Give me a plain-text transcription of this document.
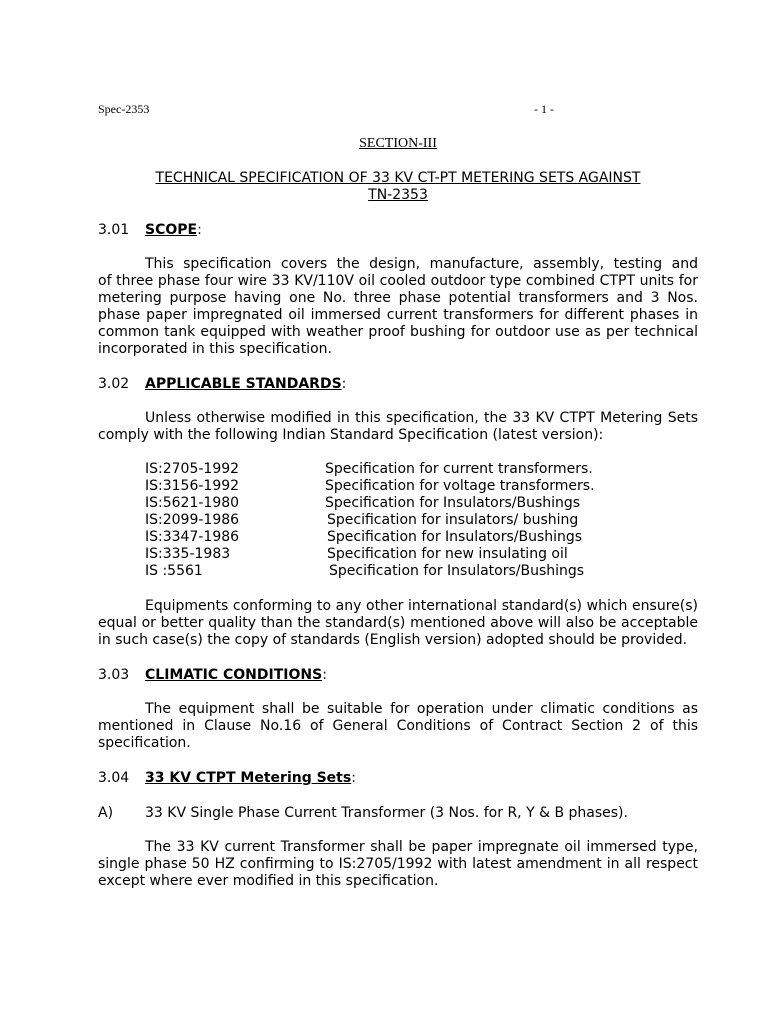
Spec-2353	- 1 -
SECTION-III
TECHNICAL SPECIFICATION OF 33 KV CT-PT METERING SETS AGAINST
TN-2353
3.01 SCOPE:
This specification covers the design, manufacture, assembly, testing and
of three phase four wire 33 KV/110V oil cooled outdoor type combined CTPT units for
metering purpose having one No. three phase potential transformers and 3 Nos.
phase paper impregnated oil immersed current transformers for different phases in
common tank equipped with weather proof bushing for outdoor use as per technical
incorporated in this specification.
3.02 APPLICABLE STANDARDS:
Unless otherwise modified in this specification, the 33 KV CTPT Metering Sets
comply with the following Indian Standard Specification (latest version):
IS:2705-1992	Specification for current transformers.
IS:3156-1992	Specification for voltage transformers.
IS:5621-1980	Specification for Insulators/Bushings
IS:2099-1986	Specification for insulators/ bushing
IS:3347-1986	Specification for Insulators/Bushings
IS:335-1983	Specification for new insulating oil
IS :5561	Specification for Insulators/Bushings
Equipments conforming to any other international standard(s) which ensure(s)
equal or better quality than the standard(s) mentioned above will also be acceptable
in such case(s) the copy of standards (English version) adopted should be provided.
3.03 CLIMATIC CONDITIONS:
The equipment shall be suitable for operation under climatic conditions as
mentioned in Clause No.16 of General Conditions of Contract Section 2 of this
specification.
3.04 33 KV CTPT Metering Sets:
A) 33 KV Single Phase Current Transformer (3 Nos. for R, Y & B phases).
The 33 KV current Transformer shall be paper impregnate oil immersed type,
single phase 50 HZ confirming to IS:2705/1992 with latest amendment in all respect
except where ever modified in this specification.
